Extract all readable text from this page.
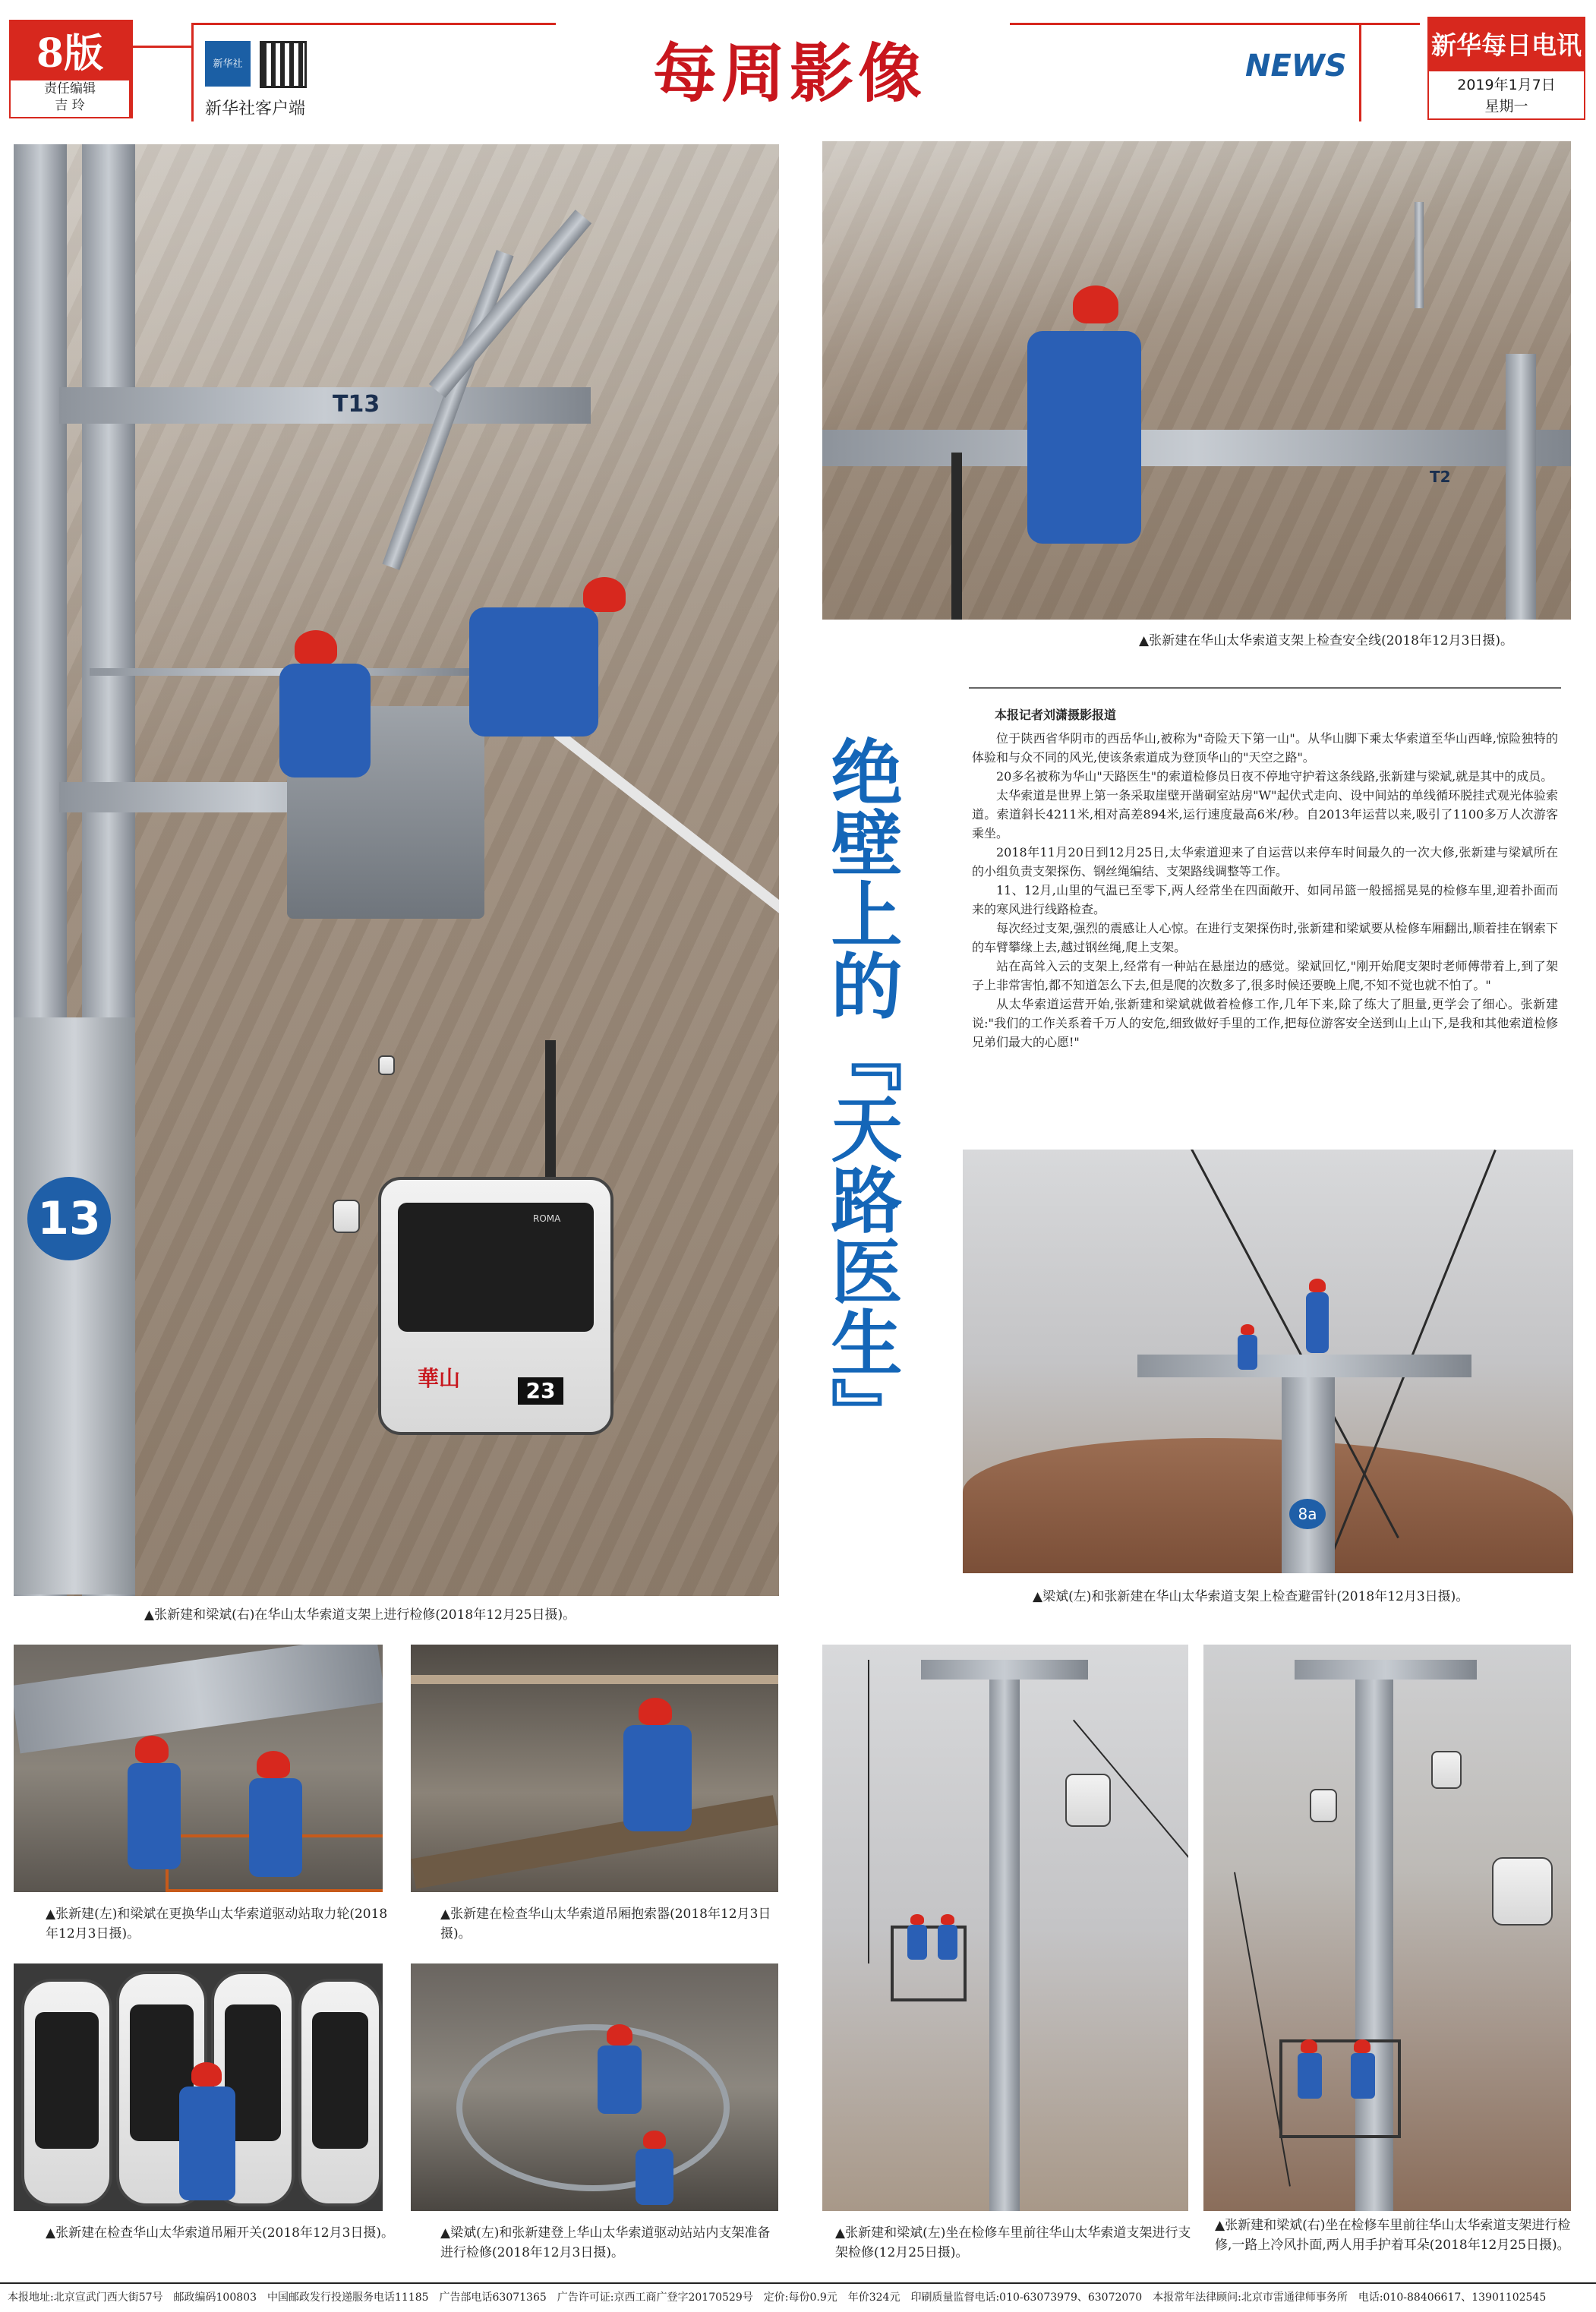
8版
责任编辑
吉 玲
新华社
新华社客户端	每周影像	NEWS
新华每日电讯
2019年1月7日
星期一
13
T13
ROMA
華山	23
▲张新建和梁斌(右)在华山太华索道支架上进行检修(2018年12月25日摄)。
T2
▲张新建在华山太华索道支架上检查安全线(2018年12月3日摄)。
绝壁上的『天路医生』
本报记者刘潇摄影报道

位于陕西省华阴市的西岳华山,被称为"奇险天下第一山"。从华山脚下乘太华索道至华山西峰,惊险独特的体验和与众不同的风光,使该条索道成为登顶华山的"天空之路"。

20多名被称为华山"天路医生"的索道检修员日夜不停地守护着这条线路,张新建与梁斌,就是其中的成员。

太华索道是世界上第一条采取崖壁开凿硐室站房"W"起伏式走向、设中间站的单线循环脱挂式观光体验索道。索道斜长4211米,相对高差894米,运行速度最高6米/秒。自2013年运营以来,吸引了1100多万人次游客乘坐。

2018年11月20日到12月25日,太华索道迎来了自运营以来停车时间最久的一次大修,张新建与梁斌所在的小组负责支架探伤、钢丝绳编结、支架路线调整等工作。

11、12月,山里的气温已至零下,两人经常坐在四面敞开、如同吊篮一般摇摇晃晃的检修车里,迎着扑面而来的寒风进行线路检查。

每次经过支架,强烈的震感让人心惊。在进行支架探伤时,张新建和梁斌要从检修车厢翻出,顺着挂在钢索下的车臂攀缘上去,越过钢丝绳,爬上支架。

站在高耸入云的支架上,经常有一种站在悬崖边的感觉。梁斌回忆,"刚开始爬支架时老师傅带着上,到了架子上非常害怕,都不知道怎么下去,但是爬的次数多了,很多时候还要晚上爬,不知不觉也就不怕了。"

从太华索道运营开始,张新建和梁斌就做着检修工作,几年下来,除了练大了胆量,更学会了细心。张新建说:"我们的工作关系着千万人的安危,细致做好手里的工作,把每位游客安全送到山上山下,是我和其他索道检修兄弟们最大的心愿!"

8a
▲梁斌(左)和张新建在华山太华索道支架上检查避雷针(2018年12月3日摄)。
▲张新建(左)和梁斌在更换华山太华索道驱动站取力轮(2018年12月3日摄)。
▲张新建在检查华山太华索道吊厢抱索器(2018年12月3日摄)。
▲张新建在检查华山太华索道吊厢开关(2018年12月3日摄)。	▲梁斌(左)和张新建登上华山太华索道驱动站站内支架准备进行检修(2018年12月3日摄)。
▲张新建和梁斌(左)坐在检修车里前往华山太华索道支架进行支架检修(12月25日摄)。
▲张新建和梁斌(右)坐在检修车里前往华山太华索道支架进行检修,一路上冷风扑面,两人用手护着耳朵(2018年12月25日摄)。
本报地址:北京宣武门西大街57号　邮政编码100803　中国邮政发行投递服务电话11185　广告部电话63071365　广告许可证:京西工商广登字20170529号　定价:每份0.9元　年价324元　印刷质量监督电话:010-63073979、63072070　本报常年法律顾问:北京市雷通律师事务所　电话:010-88406617、13901102545
